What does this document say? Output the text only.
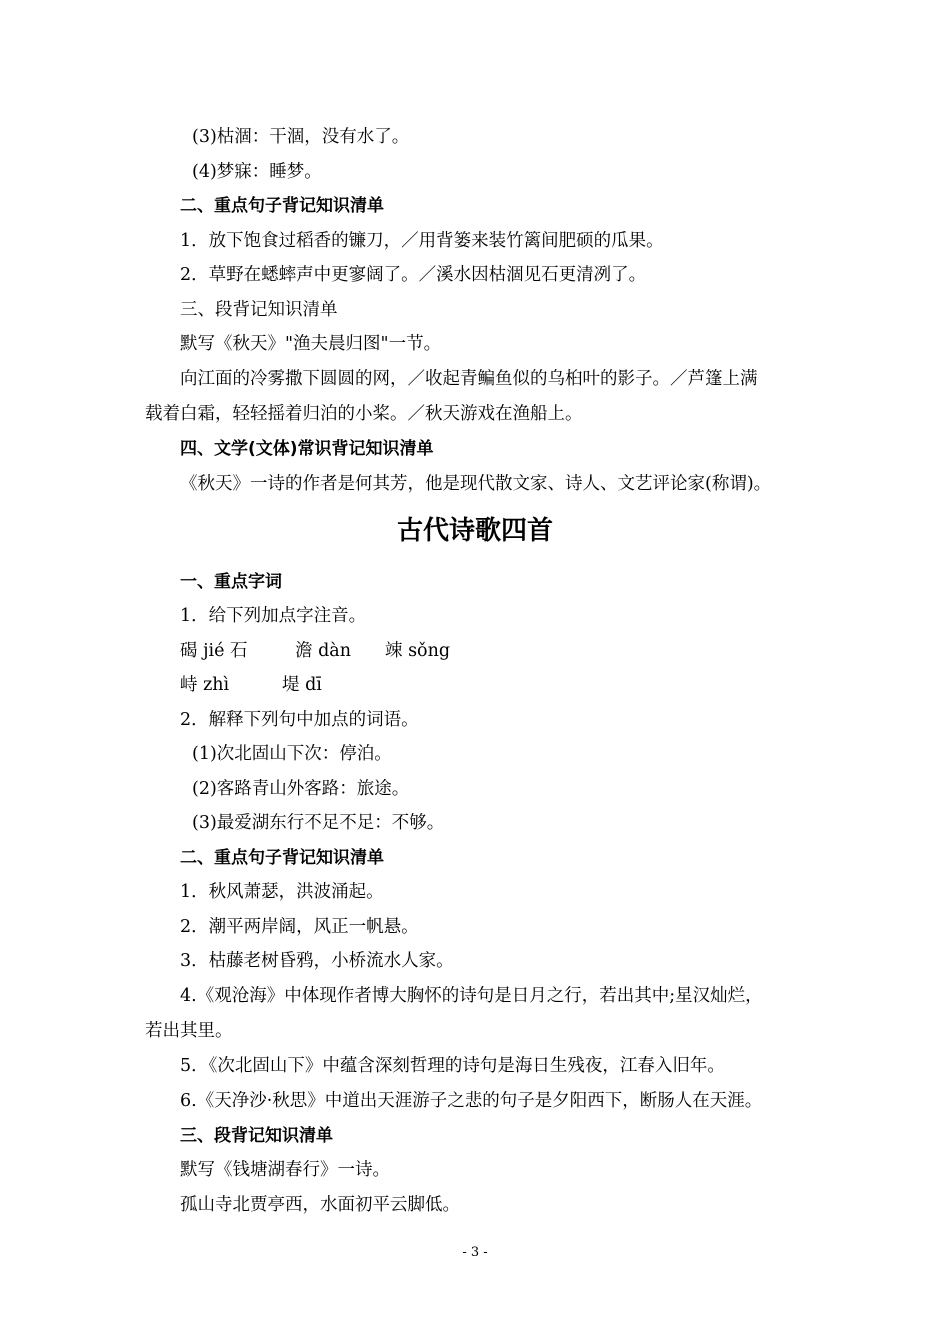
(3)枯涸：干涸，没有水了。
(4)梦寐：睡梦。
二、重点句子背记知识清单
1．放下饱食过稻香的镰刀，／用背篓来装竹篱间肥硕的瓜果。
2．草野在蟋蟀声中更寥阔了。／溪水因枯涸见石更清冽了。
三、段背记知识清单
默写《秋天》"渔夫晨归图"一节。
向江面的冷雾撒下圆圆的网，／收起青鳊鱼似的乌桕叶的影子。／芦篷上满
载着白霜，轻轻摇着归泊的小桨。／秋天游戏在渔船上。
四、文学(文体)常识背记知识清单
《秋天》一诗的作者是何其芳，他是现代散文家、诗人、文艺评论家(称谓)。
古代诗歌四首
一、重点字词
1．给下列加点字注音。
碣 jié 石	澹 dàn 竦 sǒng
峙 zhì	堤 dī
2．解释下列句中加点的词语。
(1)次北固山下次：停泊。
(2)客路青山外客路：旅途。
(3)最爱湖东行不足不足：不够。
二、重点句子背记知识清单
1．秋风萧瑟，洪波涌起。
2．潮平两岸阔，风正一帆悬。
3．枯藤老树昏鸦，小桥流水人家。
4.《观沧海》中体现作者博大胸怀的诗句是日月之行，若出其中;星汉灿烂，
若出其里。
5．《次北固山下》中蕴含深刻哲理的诗句是海日生残夜，江春入旧年。
6.《天净沙·秋思》中道出天涯游子之悲的句子是夕阳西下，断肠人在天涯。
三、段背记知识清单
默写《钱塘湖春行》一诗。
孤山寺北贾亭西，水面初平云脚低。
- 3 -
